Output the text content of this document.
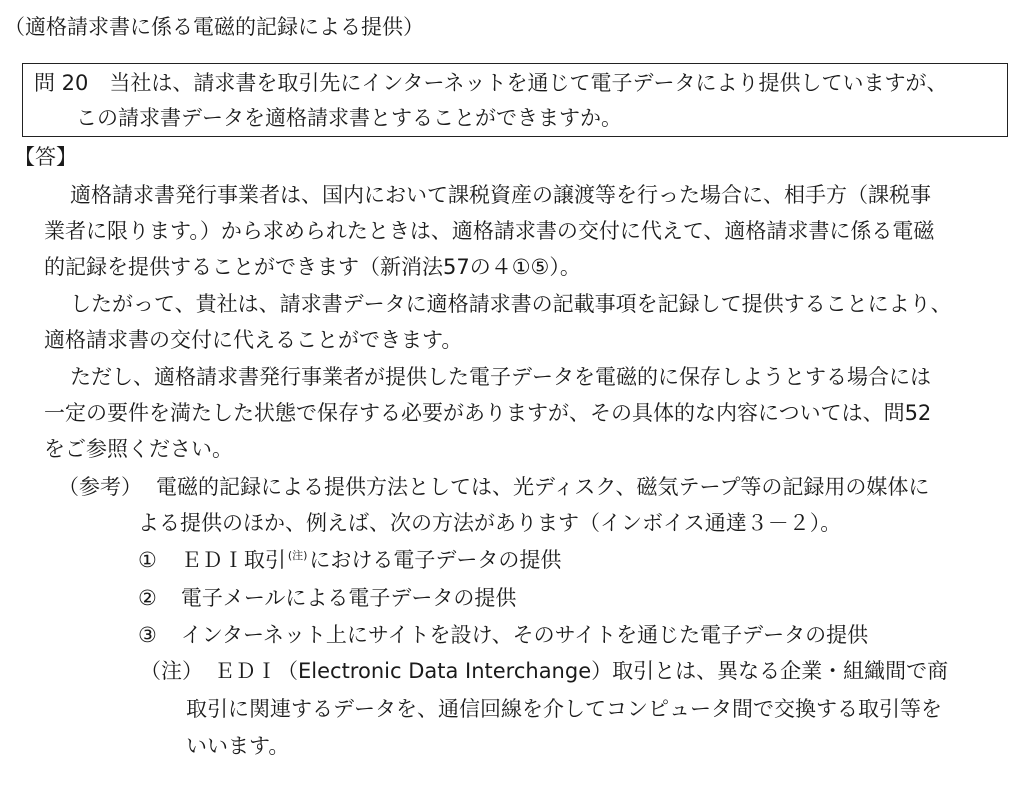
（適格請求書に係る電磁的記録による提供）
問 20　当社は、請求書を取引先にインターネットを通じて電子データにより提供していますが、
この請求書データを適格請求書とすることができますか。
【答】
適格請求書発行事業者は、国内において課税資産の譲渡等を行った場合に、相手方（課税事
業者に限ります。）から求められたときは、適格請求書の交付に代えて、適格請求書に係る電磁
的記録を提供することができます（新消法57の４①⑤）。
したがって、貴社は、請求書データに適格請求書の記載事項を記録して提供することにより、
適格請求書の交付に代えることができます。
ただし、適格請求書発行事業者が提供した電子データを電磁的に保存しようとする場合には
一定の要件を満たした状態で保存する必要がありますが、その具体的な内容については、問52
をご参照ください。
（参考） 電磁的記録による提供方法としては、光ディスク、磁気テープ等の記録用の媒体に
よる提供のほか、例えば、次の方法があります（インボイス通達３－２）。
① ＥＤＩ取引 $^{(注)}$における電子データの提供
② 電子メールによる電子データの提供
③ インターネット上にサイトを設け、そのサイトを通じた電子データの提供
（注） ＥＤＩ（Electronic Data Interchange）取引とは、異なる企業・組織間で商
取引に関連するデータを、通信回線を介してコンピュータ間で交換する取引等を
いいます。
